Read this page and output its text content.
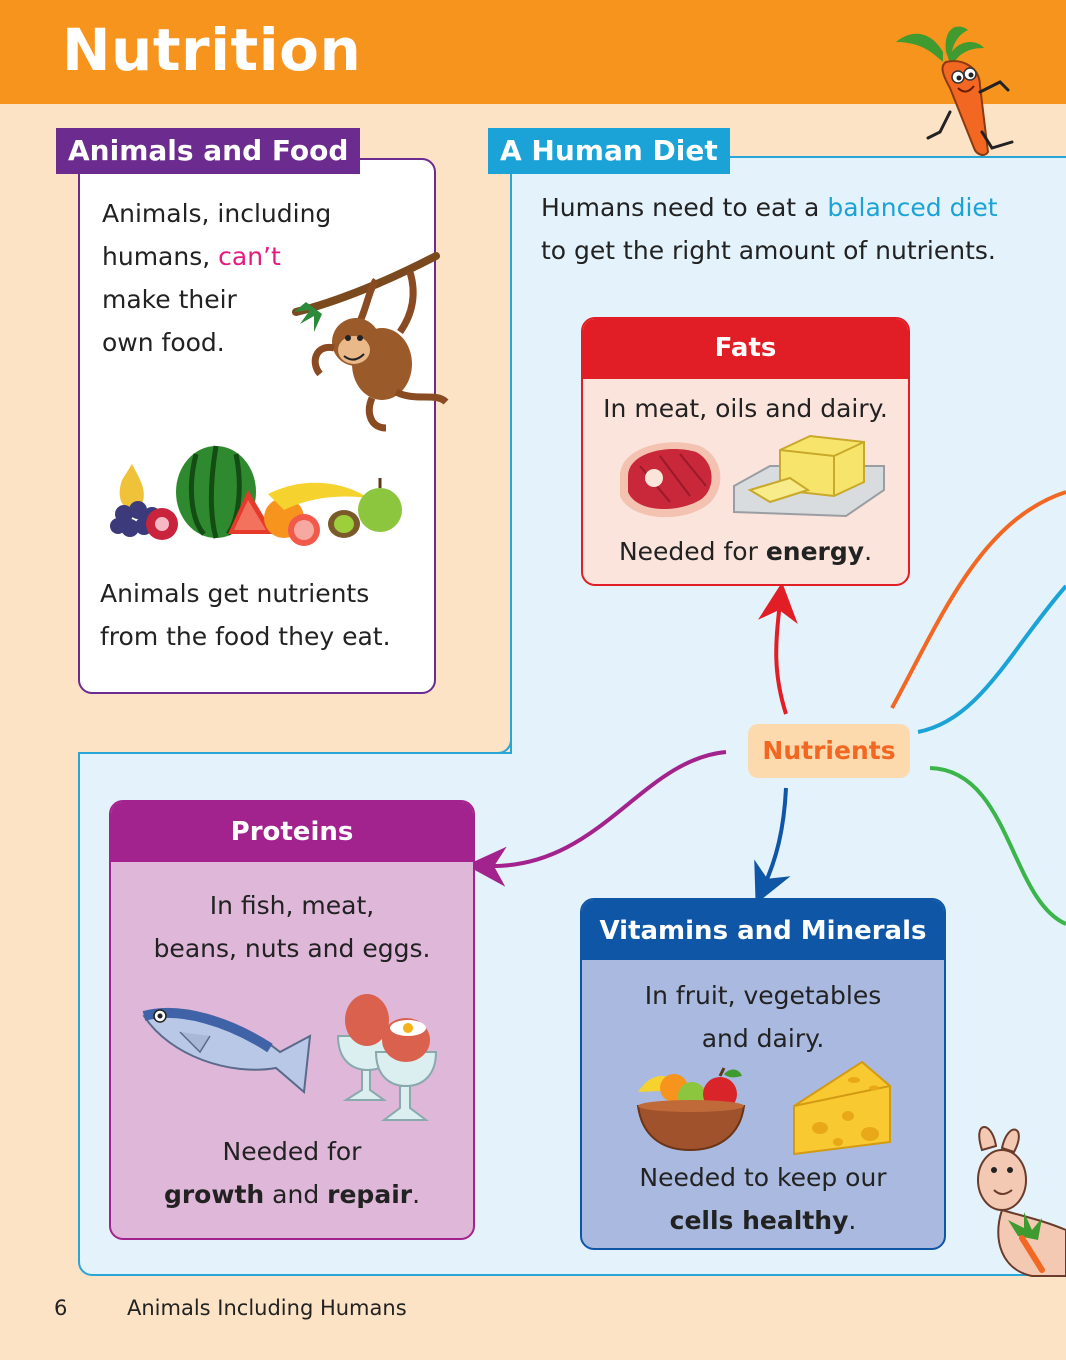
Nutrition
Animals and Food
Animals, including
humans, can’t
make their
own food.
Animals get nutrients
from the food they eat.
A Human Diet
Humans need to eat a balanced diet
to get the right amount of nutrients.
Nutrients
Fats
In meat, oils and dairy.
Needed for energy.
Proteins
In fish, meat,
beans, nuts and eggs.
Needed for
growth and repair.
Vitamins and Minerals
In fruit, vegetables
and dairy.
Needed to keep our
cells healthy.
6	Animals Including Humans
